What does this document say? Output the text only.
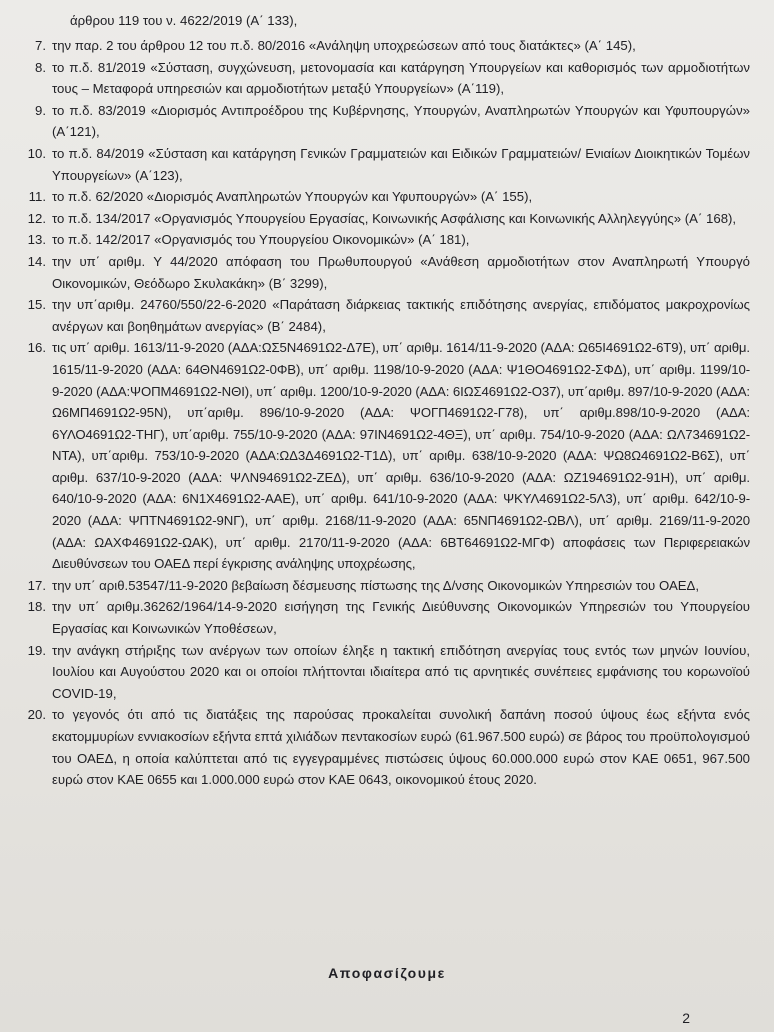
άρθρου 119 του ν. 4622/2019 (Α΄ 133),
7. την παρ. 2 του άρθρου 12 του π.δ. 80/2016 «Ανάληψη υποχρεώσεων από τους διατάκτες» (Α΄ 145),
8. το π.δ. 81/2019 «Σύσταση, συγχώνευση, μετονομασία και κατάργηση Υπουργείων και καθορισμός των αρμοδιοτήτων τους – Μεταφορά υπηρεσιών και αρμοδιοτήτων μεταξύ Υπουργείων» (Α΄119),
9. το π.δ. 83/2019 «Διορισμός Αντιπροέδρου της Κυβέρνησης, Υπουργών, Αναπληρωτών Υπουργών και Υφυπουργών» (Α΄121),
10. το π.δ. 84/2019 «Σύσταση και κατάργηση Γενικών Γραμματειών και Ειδικών Γραμματειών/ Ενιαίων Διοικητικών Τομέων Υπουργείων» (Α΄123),
11. το π.δ. 62/2020 «Διορισμός Αναπληρωτών Υπουργών και Υφυπουργών» (Α΄ 155),
12. το π.δ. 134/2017 «Οργανισμός Υπουργείου Εργασίας, Κοινωνικής Ασφάλισης και Κοινωνικής Αλληλεγγύης» (Α΄ 168),
13. το π.δ. 142/2017 «Οργανισμός του Υπουργείου Οικονομικών» (Α΄ 181),
14. την υπ΄ αριθμ. Υ 44/2020 απόφαση του Πρωθυπουργού «Ανάθεση αρμοδιοτήτων στον Αναπληρωτή Υπουργό Οικονομικών, Θεόδωρο Σκυλακάκη» (Β΄ 3299),
15. την υπ΄αριθμ. 24760/550/22-6-2020 «Παράταση διάρκειας τακτικής επιδότησης ανεργίας, επιδόματος μακροχρονίως ανέργων και βοηθημάτων ανεργίας» (Β΄ 2484),
16. τις υπ΄ αριθμ. 1613/11-9-2020 (ΑΔΑ:ΩΣ5Ν4691Ω2-Δ7Ε), υπ΄ αριθμ. 1614/11-9-2020 (ΑΔΑ: Ω65Ι4691Ω2-6Τ9), υπ΄ αριθμ. 1615/11-9-2020 (ΑΔΑ: 64ΘΝ4691Ω2-0ΦΒ), υπ΄ αριθμ. 1198/10-9-2020 (ΑΔΑ: Ψ1ΘΟ4691Ω2-ΣΦΔ), υπ΄ αριθμ. 1199/10-9-2020 (ΑΔΑ:ΨΟΠΜ4691Ω2-ΝΘΙ), υπ΄ αριθμ. 1200/10-9-2020 (ΑΔΑ: 6ΙΩΣ4691Ω2-Ο37), υπ΄αριθμ. 897/10-9-2020 (ΑΔΑ: Ω6ΜΠ4691Ω2-95Ν), υπ΄αριθμ. 896/10-9-2020 (ΑΔΑ: ΨΟΓΠ4691Ω2-Γ78), υπ΄ αριθμ.898/10-9-2020 (ΑΔΑ: 6ΥΛΟ4691Ω2-ΤΗΓ), υπ΄αριθμ. 755/10-9-2020 (ΑΔΑ: 97ΙΝ4691Ω2-4ΘΞ), υπ΄ αριθμ. 754/10-9-2020 (ΑΔΑ: ΩΛ734691Ω2-ΝΤΑ), υπ΄αριθμ. 753/10-9-2020 (ΑΔΑ:ΩΔ3Δ4691Ω2-Τ1Δ), υπ΄ αριθμ. 638/10-9-2020 (ΑΔΑ: ΨΩ8Ω4691Ω2-Β6Σ), υπ΄ αριθμ. 637/10-9-2020 (ΑΔΑ: ΨΛΝ94691Ω2-ΖΕΔ), υπ΄ αριθμ. 636/10-9-2020 (ΑΔΑ: ΩΖ194691Ω2-91Η), υπ΄ αριθμ. 640/10-9-2020 (ΑΔΑ: 6Ν1Χ4691Ω2-ΑΑΕ), υπ΄ αριθμ. 641/10-9-2020 (ΑΔΑ: ΨΚΥΛ4691Ω2-5Λ3), υπ΄ αριθμ. 642/10-9-2020 (ΑΔΑ: ΨΠΤΝ4691Ω2-9ΝΓ), υπ΄ αριθμ. 2168/11-9-2020 (ΑΔΑ: 65ΝΠ4691Ω2-ΩΒΛ), υπ΄ αριθμ. 2169/11-9-2020 (ΑΔΑ: ΩΑΧΦ4691Ω2-ΩΑΚ), υπ΄ αριθμ. 2170/11-9-2020 (ΑΔΑ: 6ΒΤ64691Ω2-ΜΓΦ) αποφάσεις των Περιφερειακών Διευθύνσεων του ΟΑΕΔ περί έγκρισης ανάληψης υποχρέωσης,
17. την υπ΄ αριθ.53547/11-9-2020 βεβαίωση δέσμευσης πίστωσης της Δ/νσης Οικονομικών Υπηρεσιών του ΟΑΕΔ,
18. την υπ΄ αριθμ.36262/1964/14-9-2020 εισήγηση της Γενικής Διεύθυνσης Οικονομικών Υπηρεσιών του Υπουργείου Εργασίας και Κοινωνικών Υποθέσεων,
19. την ανάγκη στήριξης των ανέργων των οποίων έληξε η τακτική επιδότηση ανεργίας τους εντός των μηνών Ιουνίου, Ιουλίου και Αυγούστου 2020 και οι οποίοι πλήττονται ιδιαίτερα από τις αρνητικές συνέπειες εμφάνισης του κορωνοϊού COVID-19,
20. το γεγονός ότι από τις διατάξεις της παρούσας προκαλείται συνολική δαπάνη ποσού ύψους έως εξήντα ενός εκατομμυρίων εννιακοσίων εξήντα επτά χιλιάδων πεντακοσίων ευρώ (61.967.500 ευρώ) σε βάρος του προϋπολογισμού του ΟΑΕΔ, η οποία καλύπτεται από τις εγγεγραμμένες πιστώσεις ύψους 60.000.000 ευρώ στον ΚΑΕ 0651, 967.500 ευρώ στον ΚΑΕ 0655 και 1.000.000 ευρώ στον ΚΑΕ 0643, οικονομικού έτους 2020.
Αποφασίζουμε
2
